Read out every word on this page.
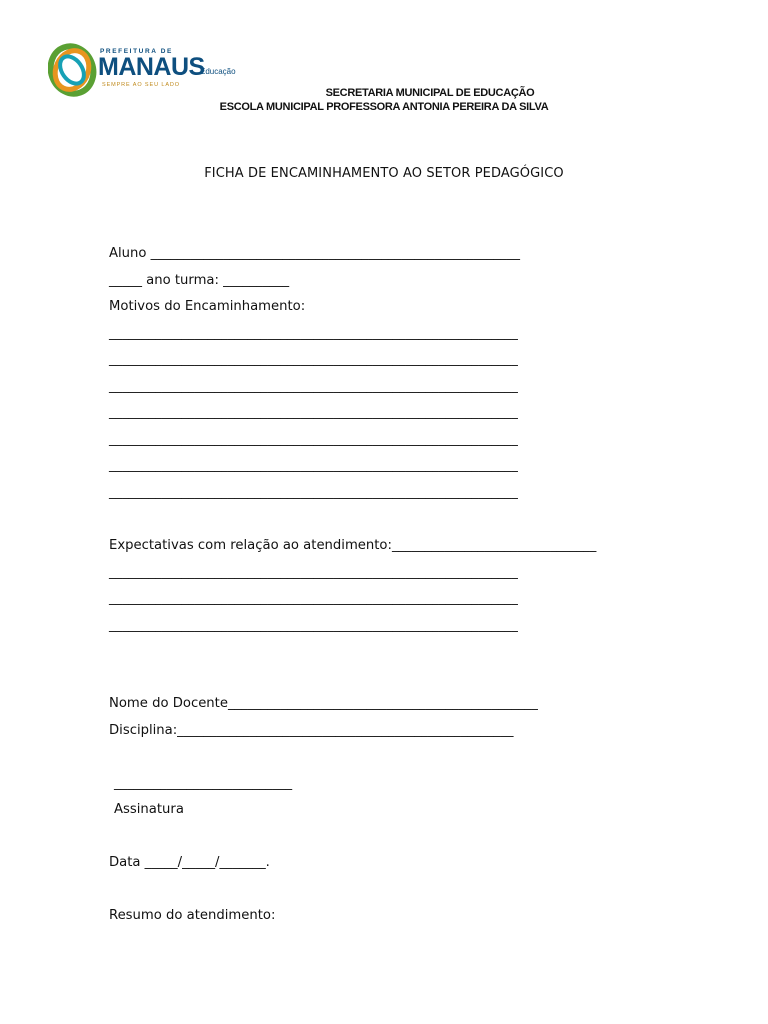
PREFEITURA DE
MANAUS
Educação
SEMPRE AO SEU LADO
SECRETARIA MUNICIPAL DE EDUCAÇÃO
ESCOLA MUNICIPAL PROFESSORA ANTONIA PEREIRA DA SILVA
FICHA DE ENCAMINHAMENTO AO SETOR PEDAGÓGICO
Aluno ________________________________________________________
_____ ano turma: __________
Motivos do Encaminhamento:
______________________________________________________________
______________________________________________________________
______________________________________________________________
______________________________________________________________
______________________________________________________________
______________________________________________________________
______________________________________________________________
Expectativas com relação ao atendimento:_______________________________
______________________________________________________________
______________________________________________________________
______________________________________________________________
Nome do Docente_______________________________________________
Disciplina:___________________________________________________
___________________________
Assinatura
Data _____/_____/_______.
Resumo do atendimento:
